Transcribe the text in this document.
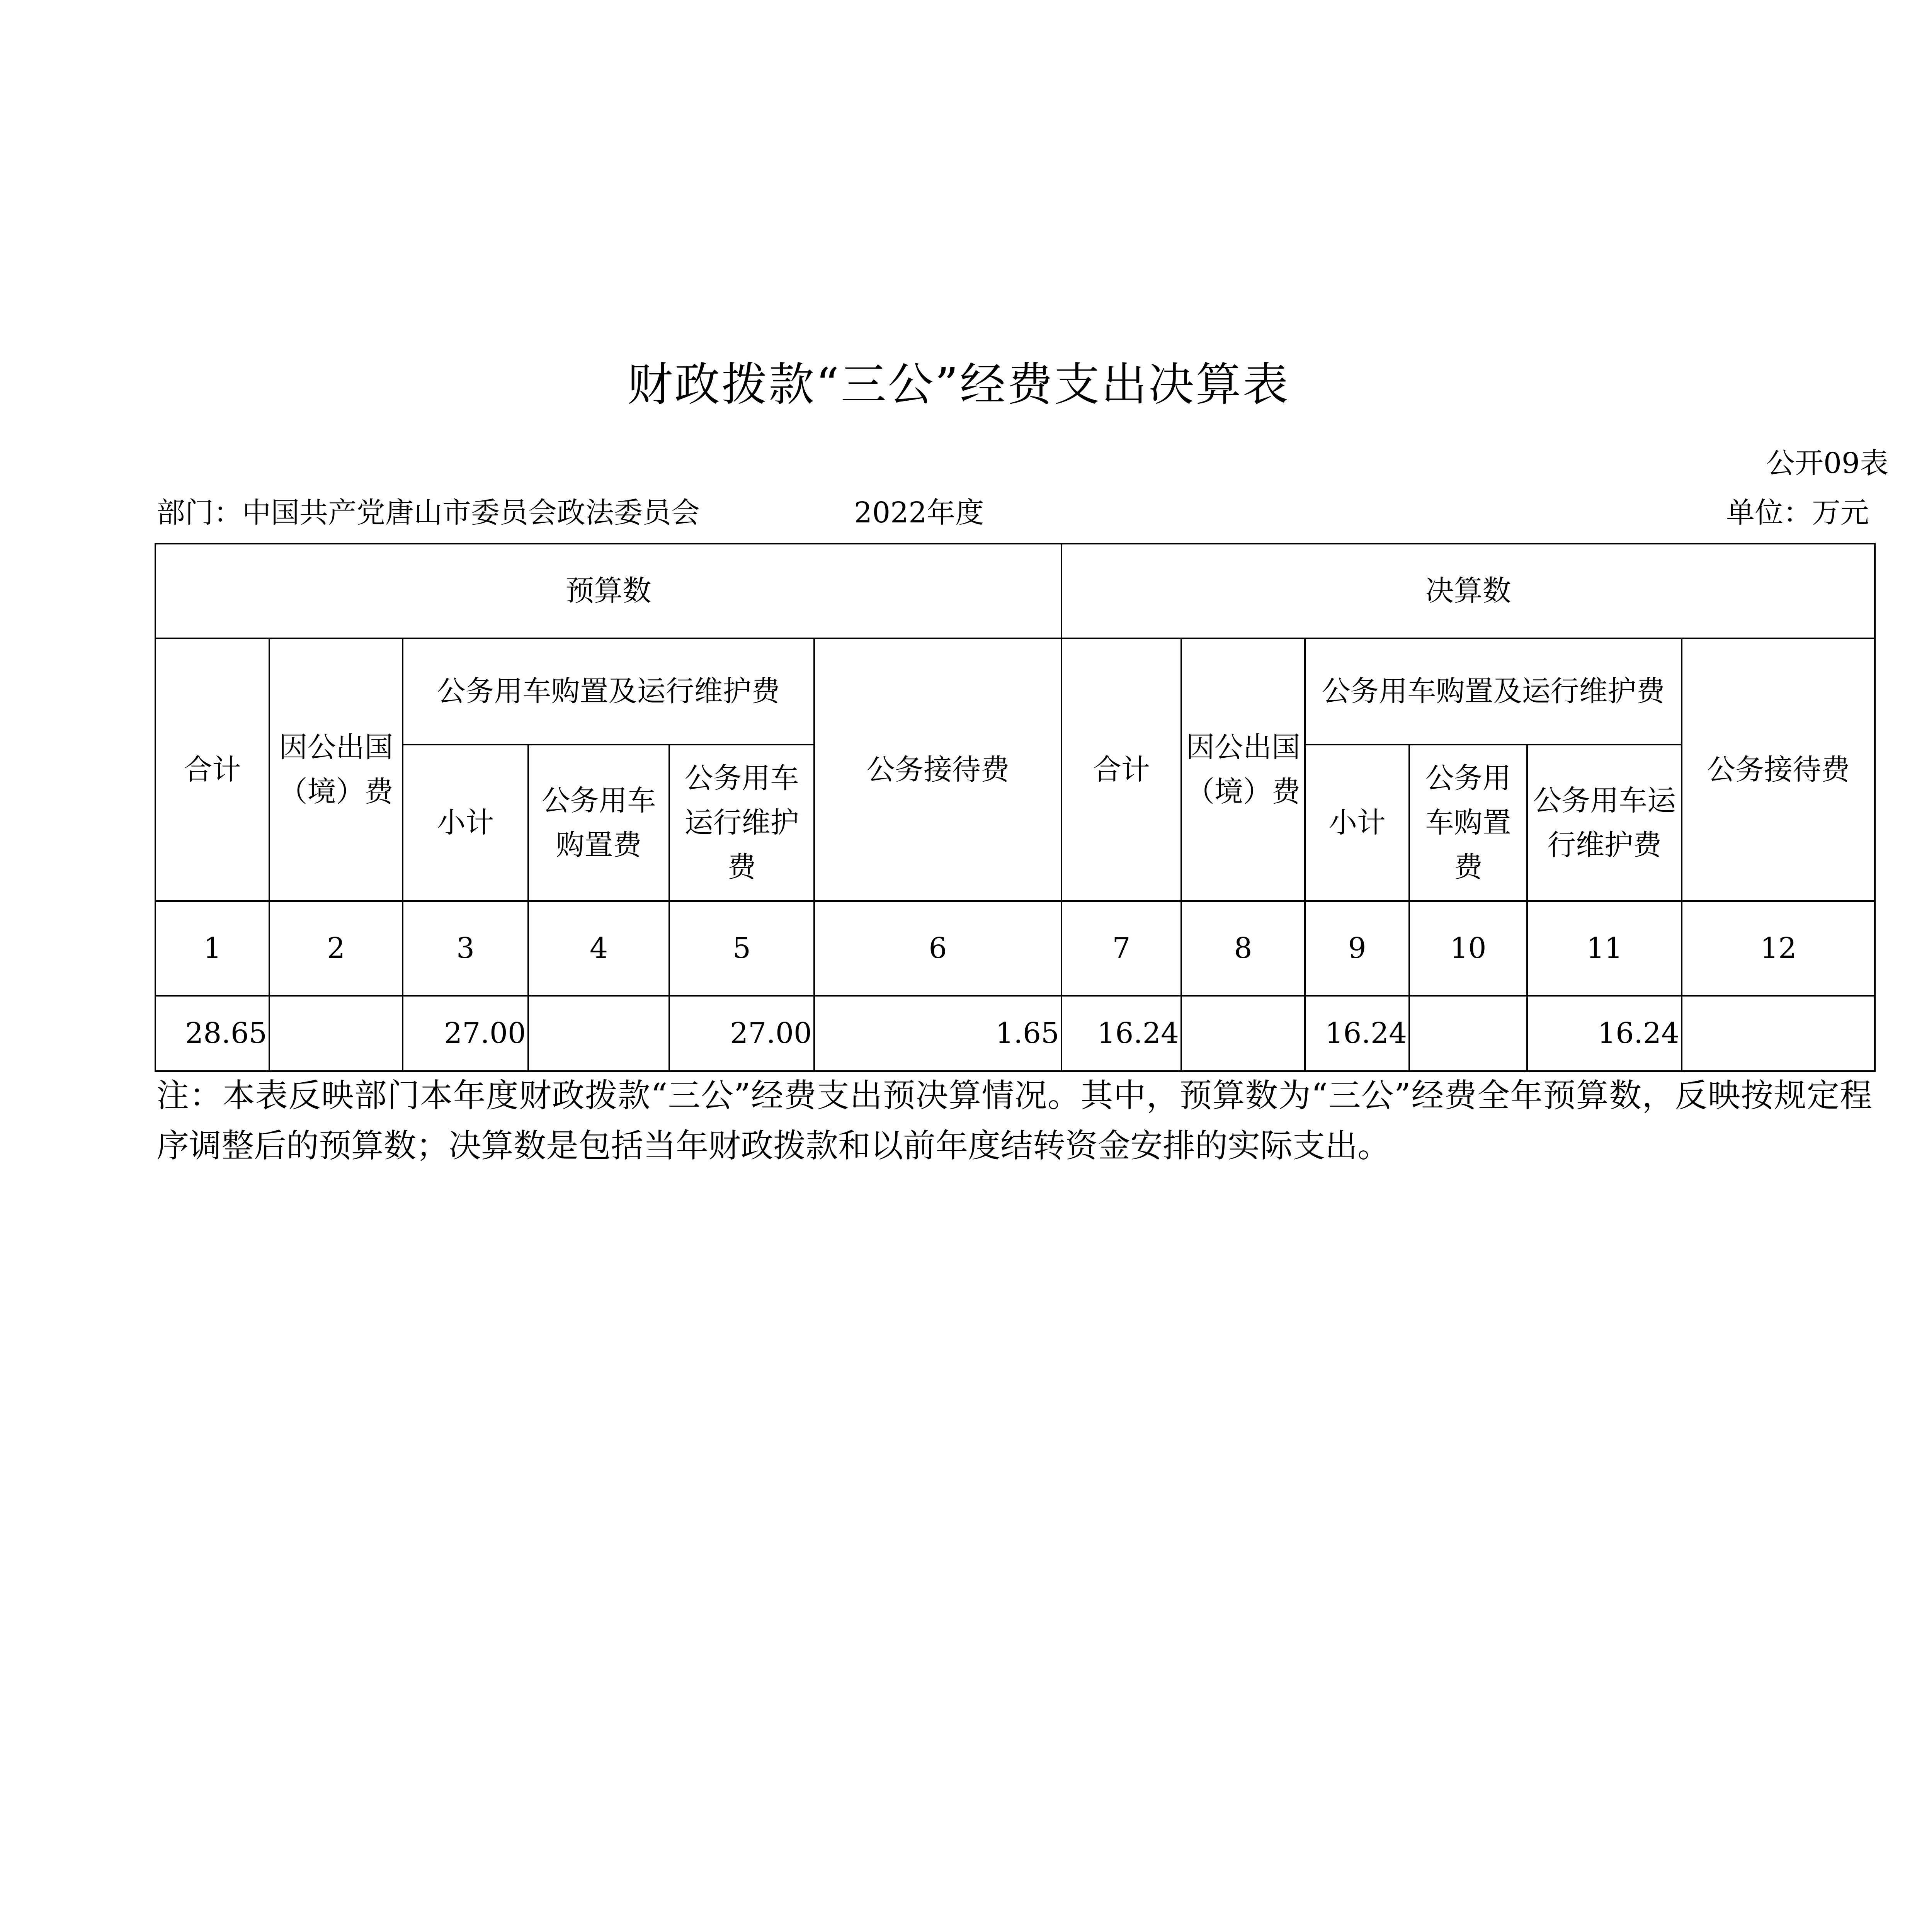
财政拨款“三公”经费支出决算表
公开09表
部门：中国共产党唐山市委员会政法委员会	2022年度	单位：万元
预算数						决算数					
合计	因公出国（境）费	公务用车购置及运行维护费			公务接待费	合计	因公出国（境）费	公务用车购置及运行维护费			公务接待费
		小计	公务用车购置费	公务用车运行维护费				小计	公务用车购置费	公务用车运行维护费	
1	2	3	4	5	6	7	8	9	10	11	12
28.65		27.00		27.00	1.65	16.24		16.24		16.24	
注：本表反映部门本年度财政拨款“三公”经费支出预决算情况。其中，预算数为“三公”经费全年预算数，反映按规定程序调整后的预算数；决算数是包括当年财政拨款和以前年度结转资金安排的实际支出。
